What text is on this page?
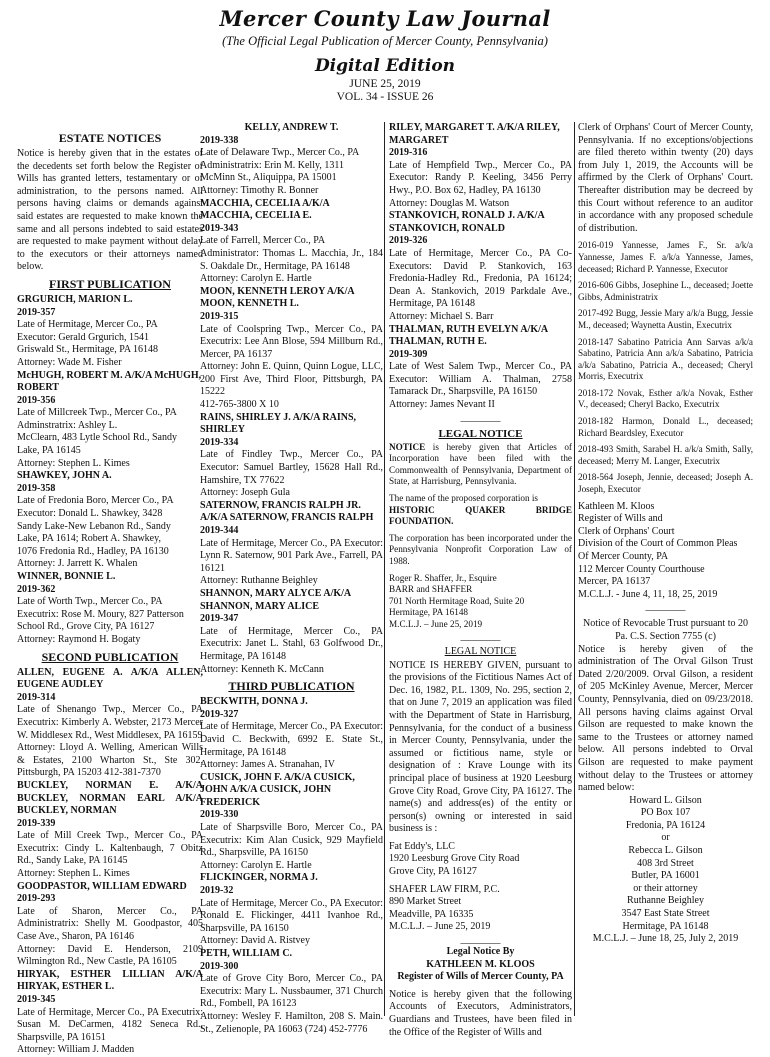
Mercer County Law Journal
(The Official Legal Publication of Mercer County, Pennsylvania)
Digital Edition
JUNE 25, 2019
VOL. 34 - ISSUE 26
ESTATE NOTICES

Notice is hereby given that in the estates of the decedents set forth below the Register of Wills has granted letters, testamentary or of administration, to the persons named. All persons having claims or demands against said estates are requested to make known the same and all persons indebted to said estates are requested to make payment without delay to the executors or their attorneys named below.

FIRST PUBLICATION

GRGURICH, MARION L.

2019-357

Late of Hermitage, Mercer Co., PA

Executor: Gerald Grgurich, 1541

Griswald St., Hermitage, PA 16148

Attorney: Wade M. Fisher

McHUGH, ROBERT M. A/K/A McHUGH, ROBERT

2019-356

Late of Millcreek Twp., Mercer Co., PA

Adminstratrix: Ashley L.

McClearn, 483 Lytle School Rd., Sandy

Lake, PA 16145

Attorney: Stephen L. Kimes

SHAWKEY, JOHN A.

2019-358

Late of Fredonia Boro, Mercer Co., PA

Executor: Donald L. Shawkey, 3428

Sandy Lake-New Lebanon Rd., Sandy

Lake, PA 1614; Robert A. Shawkey,

1076 Fredonia Rd., Hadley, PA 16130

Attorney: J. Jarrett K. Whalen

WINNER, BONNIE L.

2019-362

Late of Worth Twp., Mercer Co., PA

Executrix: Rose M. Moury, 827 Patterson

School Rd., Grove City, PA 16127

Attorney: Raymond H. Bogaty

SECOND PUBLICATION

ALLEN, EUGENE A. A/K/A ALLEN, EUGENE AUDLEY

2019-314

Late of Shenango Twp., Mercer Co., PA Executrix: Kimberly A. Webster, 2173 Mercer W. Middlesex Rd., West Middlesex, PA 16159

Attorney: Lloyd A. Welling, American Wills & Estates, 2100 Wharton St., Ste 302, Pittsburgh, PA 15203 412-381-7370

BUCKLEY, NORMAN E. A/K/A BUCKLEY, NORMAN EARL A/K/A BUCKLEY, NORMAN

2019-339

Late of Mill Creek Twp., Mercer Co., PA Executrix: Cindy L. Kaltenbaugh, 7 Obitz Rd., Sandy Lake, PA 16145

Attorney: Stephen L. Kimes

GOODPASTOR, WILLIAM EDWARD

2019-293

Late of Sharon, Mercer Co., PA Administratrix: Shelly M. Goodpastor, 405 Case Ave., Sharon, PA 16146

Attorney: David E. Henderson, 2109 Wilmington Rd., New Castle, PA 16105

HIRYAK, ESTHER LILLIAN A/K/A HIRYAK, ESTHER L.

2019-345

Late of Hermitage, Mercer Co., PA Executrix: Susan M. DeCarmen, 4182 Seneca Rd., Sharpsville, PA 16151

Attorney: William J. Madden

KELLY, ANDREW T.

2019-338

Late of Delaware Twp., Mercer Co., PA

Administratrix: Erin M. Kelly, 1311

McMinn St., Aliquippa, PA 15001

Attorney: Timothy R. Bonner

MACCHIA, CECELIA A/K/A MACCHIA, CECELIA E.

2019-343

Late of Farrell, Mercer Co., PA

Administrator: Thomas L. Macchia, Jr., 184 S. Oakdale Dr., Hermitage, PA 16148

Attorney: Carolyn E. Hartle

MOON, KENNETH LEROY A/K/A MOON, KENNETH L.

2019-315

Late of Coolspring Twp., Mercer Co., PA Executrix: Lee Ann Blose, 594 Millburn Rd., Mercer, PA 16137

Attorney: John E. Quinn, Quinn Logue, LLC, 200 First Ave, Third Floor, Pittsburgh, PA 15222

412-765-3800 X 10

RAINS, SHIRLEY J. A/K/A RAINS, SHIRLEY

2019-334

Late of Findley Twp., Mercer Co., PA Executor: Samuel Bartley, 15628 Hall Rd., Hamshire, TX 77622

Attorney: Joseph Gula

SATERNOW, FRANCIS RALPH JR. A/K/A SATERNOW, FRANCIS RALPH

2019-344

Late of Hermitage, Mercer Co., PA Executor: Lynn R. Saternow, 901 Park Ave., Farrell, PA 16121

Attorney: Ruthanne Beighley

SHANNON, MARY ALYCE A/K/A SHANNON, MARY ALICE

2019-347

Late of Hermitage, Mercer Co., PA Executrix: Janet L. Stahl, 63 Golfwood Dr., Hermitage, PA 16148

Attorney: Kenneth K. McCann

THIRD PUBLICATION

BECKWITH, DONNA J.

2019-327

Late of Hermitage, Mercer Co., PA Executor: David C. Beckwith, 6992 E. State St., Hermitage, PA 16148

Attorney: James A. Stranahan, IV

CUSICK, JOHN F. A/K/A CUSICK, JOHN A/K/A CUSICK, JOHN FREDERICK

2019-330

Late of Sharpsville Boro, Mercer Co., PA Executrix: Kim Alan Cusick, 929 Mayfield Rd., Sharpsville, PA 16150

Attorney: Carolyn E. Hartle

FLICKINGER, NORMA J.

2019-32

Late of Hermitage, Mercer Co., PA Executor: Ronald E. Flickinger, 4411 Ivanhoe Rd., Sharpsville, PA 16150

Attorney: David A. Ristvey

PETH, WILLIAM C.

2019-300

Late of Grove City Boro, Mercer Co., PA Executrix: Mary L. Nussbaumer, 371 Church Rd., Fombell, PA 16123

Attorney: Wesley F. Hamilton, 208 S. Main. St., Zelienople, PA 16063 (724) 452-7776

RILEY, MARGARET T. A/K/A RILEY, MARGARET

2019-316

Late of Hempfield Twp., Mercer Co., PA Executor: Randy P. Keeling, 3456 Perry Hwy., P.O. Box 62, Hadley, PA 16130

Attorney: Douglas M. Watson

STANKOVICH, RONALD J. A/K/A STANKOVICH, RONALD

2019-326

Late of Hermitage, Mercer Co., PA Co-Executors: David P. Stankovich, 163 Fredonia-Hadley Rd., Fredonia, PA 16124; Dean A. Stankovich, 2019 Parkdale Ave., Hermitage, PA 16148

Attorney: Michael S. Barr

THALMAN, RUTH EVELYN A/K/A THALMAN, RUTH E.

2019-309

Late of West Salem Twp., Mercer Co., PA Executor: William A. Thalman, 2758 Tamarack Dr., Sharpsville, PA 16150

Attorney: James Nevant II

________
LEGAL NOTICE

NOTICE is hereby given that Articles of Incorporation have been filed with the Commonwealth of Pennsylvania, Department of State, at Harrisburg, Pennsylvania.

The name of the proposed corporation is

HISTORIC QUAKER BRIDGE FOUNDATION.

The corporation has been incorporated under the Pennsylvania Nonprofit Corporation Law of 1988.

Roger R. Shaffer, Jr., Esquire

BARR and SHAFFER

701 North Hermitage Road, Suite 20

Hermitage, PA 16148

M.C.L.J. – June 25, 2019

________
LEGAL NOTICE

NOTICE IS HEREBY GIVEN, pursuant to the provisions of the Fictitious Names Act of Dec. 16, 1982, P.L. 1309, No. 295, section 2, that on June 7, 2019 an application was filed with the Department of State in Harrisburg, Pennsylvania, for the conduct of a business in Mercer County, Pennsylvania, under the assumed or fictitious name, style or designation of : Krave Lounge with its principal place of business at 1920 Leesburg Grove City Road, Grove City, PA 16127. The name(s) and address(es) of the entity or person(s) owning or interested in said business is :

Fat Eddy's, LLC

1920 Leesburg Grove City Road

Grove City, PA 16127

SHAFER LAW FIRM, P.C.

890 Market Street

Meadville, PA 16335

M.C.L.J. – June 25, 2019

________

Legal Notice By

KATHLEEN M. KLOOS

Register of Wills of Mercer County, PA

Notice is hereby given that the following Accounts of Executors, Administrators, Guardians and Trustees, have been filed in the Office of the Register of Wills and

Clerk of Orphans' Court of Mercer County, Pennsylvania. If no exceptions/objections are filed thereto within twenty (20) days from July 1, 2019, the Accounts will be affirmed by the Clerk of Orphans' Court. Thereafter distribution may be decreed by this Court without reference to an auditor in accordance with any proposed schedule of distribution.

2016-019 Yannesse, James F., Sr. a/k/a Yannesse, James F. a/k/a Yannesse, James, deceased; Richard P. Yannesse, Executor

2016-606 Gibbs, Josephine L., deceased; Joette Gibbs, Administratrix

2017-492 Bugg, Jessie Mary a/k/a Bugg, Jessie M., deceased; Waynetta Austin, Executrix

2018-147 Sabatino Patricia Ann Sarvas a/k/a Sabatino, Patricia Ann a/k/a Sabatino, Patricia a/k/a Sabatino, Patricia A., deceased; Cheryl Morris, Executrix

2018-172 Novak, Esther a/k/a Novak, Esther V., deceased; Cheryl Backo, Executrix

2018-182 Harmon, Donald L., deceased; Richard Beardsley, Executor

2018-493 Smith, Sarabel H. a/k/a Smith, Sally, deceased; Merry M. Langer, Executrix

2018-564 Joseph, Jennie, deceased; Joseph A. Joseph, Executor

Kathleen M. Kloos

Register of Wills and

Clerk of Orphans' Court

Division of the Court of Common Pleas

Of Mercer County, PA

112 Mercer County Courthouse

Mercer, PA 16137

M.C.L.J. - June 4, 11, 18, 25, 2019

________

Notice of Revocable Trust pursuant to 20

Pa. C.S. Section 7755 (c)

Notice is hereby given of the administration of The Orval Gilson Trust Dated 2/20/2009. Orval Gilson, a resident of 205 McKinley Avenue, Mercer, Mercer County, Pennsylvania, died on 09/23/2018. All persons having claims against Orval Gilson are requested to make known the same to the Trustees or attorney named below. All persons indebted to Orval Gilson are requested to make payment without delay to the Trustees or attorney named below:

Howard L. Gilson

PO Box 107

Fredonia, PA 16124

or

Rebecca L. Gilson

408 3rd Street

Butler, PA 16001

or their attorney

Ruthanne Beighley

3547 East State Street

Hermitage, PA 16148

M.C.L.J. – June 18, 25, July 2, 2019
